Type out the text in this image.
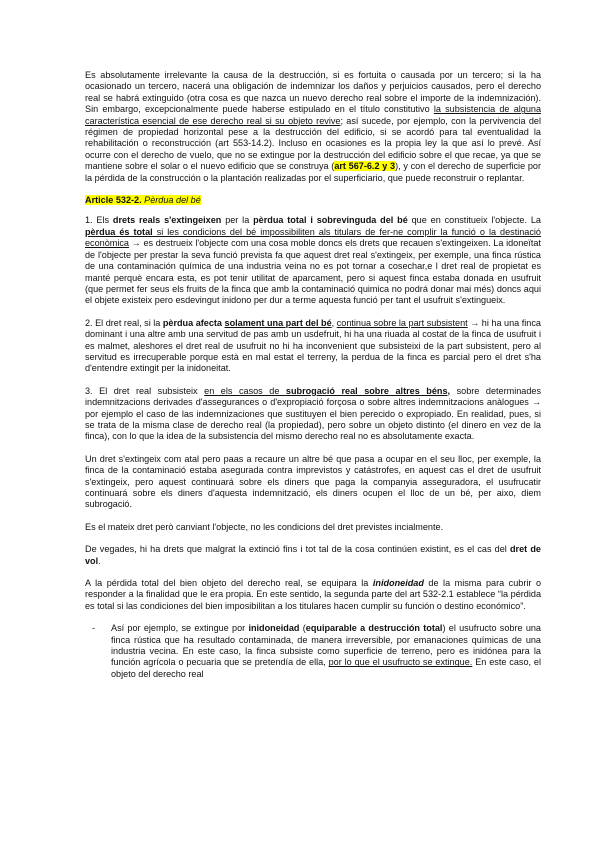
Es absolutamente irrelevante la causa de la destrucción, si es fortuita o causada por un tercero; si la ha ocasionado un tercero, nacerá una obligación de indemnizar los daños y perjuicios causados, pero el derecho real se habrá extinguido (otra cosa es que nazca un nuevo derecho real sobre el importe de la indemnización). Sin embargo, excepcionalmente puede haberse estipulado en el título constitutivo la subsistencia de alguna característica esencial de ese derecho real si su objeto revive; así sucede, por ejemplo, con la pervivencia del régimen de propiedad horizontal pese a la destrucción del edificio, si se acordó para tal eventualidad la rehabilitación o reconstrucción (art 553-14.2). Incluso en ocasiones es la propia ley la que así lo prevé. Así ocurre con el derecho de vuelo, que no se extingue por la destrucción del edificio sobre el que recae, ya que se mantiene sobre el solar o el nuevo edificio que se construya (art 567-6.2 y 3), y con el derecho de superficie por la pérdida de la construcción o la plantación realizadas por el superficiario, que puede reconstruir o replantar.

Article 532-2. Pèrdua del bé

1. Els drets reals s'extingeixen per la pèrdua total i sobrevinguda del bé que en constitueix l'objecte. La pèrdua és total si les condicions del bé impossibiliten als titulars de fer-ne complir la funció o la destinació econòmica → es destrueix l'objecte com una cosa moble doncs els drets que recauen s'extingeixen. La idoneïtat de l'objecte per prestar la seva funció prevista fa que aquest dret real s'extingeix, per exemple, una finca rústica de una contaminación química de una industria veina no es pot tornar a cosechar,e l dret real de propietat es manté perquè encara esta, es pot tenir utilitat de aparcament, pero si aquest finca estaba donada en usufruit (que permet fer seus els fruits de la finca que amb la contaminació quimica no podrá donar mai més) doncs aqui el objete existeix pero esdevingut inidono per dur a terme aquesta funció per tant el usufruit s'extingueix.

2. El dret real, si la pèrdua afecta solament una part del bé, continua sobre la part subsistent → hi ha una finca dominant i una altre amb una servitud de pas amb un usdefruit, hi ha una riuada al costat de la finca de usufruit i es malmet, aleshores el dret real de usufruit no hi ha inconvenient que subsisteixi de la part subsistent, pero al servitud es irrecuperable porque està en mal estat el terreny, la perdua de la finca es parcial pero el dret s'ha d'entendre extingit per la inidoneitat.

3. El dret real subsisteix en els casos de subrogació real sobre altres béns, sobre determinades indemnitzacions derivades d'assegurances o d'expropiació forçosa o sobre altres indemnitzacions anàlogues → por ejemplo el caso de las indemnizaciones que sustituyen el bien perecido o expropiado. En realidad, pues, si se trata de la misma clase de derecho real (la propiedad), pero sobre un objeto distinto (el dinero en vez de la finca), con lo que la idea de la subsistencia del mismo derecho real no es absolutamente exacta.

Un dret s'extingeix com atal pero paas a recaure un altre bé que pasa a ocupar en el seu lloc, per exemple, la finca de la contaminació estaba asegurada contra imprevistos y catástrofes, en aquest cas el dret de usufruit s'extingeix, pero aquest continuará sobre els diners que paga la companyia asseguradora, el usufrucatir continuará sobre els diners d'aquesta indemnització, els diners ocupen el lloc de un bé, per aixo, diem subrogació.

Es el mateix dret però canviant l'objecte, no les condicions del dret previstes incialmente.

De vegades, hi ha drets que malgrat la extinció fins i tot tal de la cosa continúen existint, es el cas del dret de vol.

A la pérdida total del bien objeto del derecho real, se equipara la inidoneidad de la misma para cubrir o responder a la finalidad que le era propia. En este sentido, la segunda parte del art 532-2.1 establece “la pérdida es total si las condiciones del bien imposibilitan a los titulares hacen cumplir su función o destino económico”.

- Así por ejemplo, se extingue por inidoneidad (equiparable a destrucción total) el usufructo sobre una finca rústica que ha resultado contaminada, de manera irreversible, por emanaciones químicas de una industria vecina. En este caso, la finca subsiste como superficie de terreno, pero es inidónea para la función agrícola o pecuaria que se pretendía de ella, por lo que el usufructo se extingue. En este caso, el objeto del derecho real
